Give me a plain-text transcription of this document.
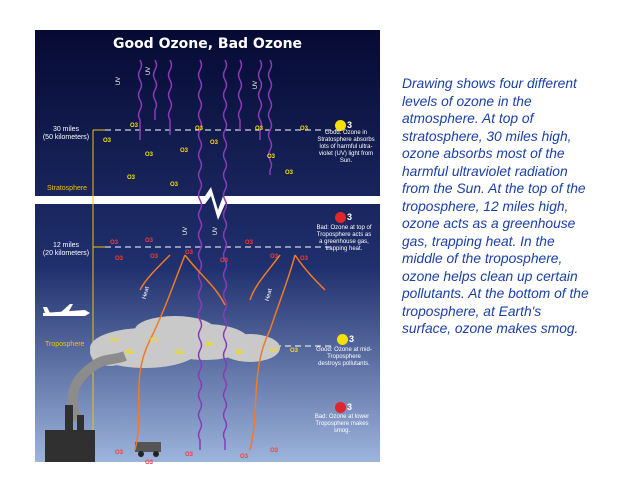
Good Ozone, Bad Ozone
30 miles
(50 kilometers)
12 miles
(20 kilometers)
Stratosphere
Troposphere
3
Good: Ozone in Stratosphere absorbs lots of harmful ultra-violet (UV) light from Sun.
3
Bad: Ozone at top of Troposphere acts as a greenhouse gas, trapping heat.
3
Good: Ozone at mid-Troposphere destroys pollutants.
3
Bad: Ozone at lower Troposphere makes smog.
UV
UV
UV
UV	UV
Heat	Heat
O3
O3
O3
O3
O3
O3
O3
O3
O3
O3
O3
O3
O3	O3
O3	O3
O3
O3
O3
O3	O3
O3
O3
O3
O3
O3
O3	O3 O3
O3
O3
O3	O3
O3
Drawing shows four different levels of ozone in the atmosphere. At top of stratosphere, 30 miles high, ozone absorbs most of the harmful ultraviolet radiation from the Sun. At the top of the troposphere, 12 miles high, ozone acts as a greenhouse gas, trapping heat. In the middle of the troposphere, ozone helps clean up certain pollutants. At the bottom of the troposphere, at Earth's surface, ozone makes smog.
